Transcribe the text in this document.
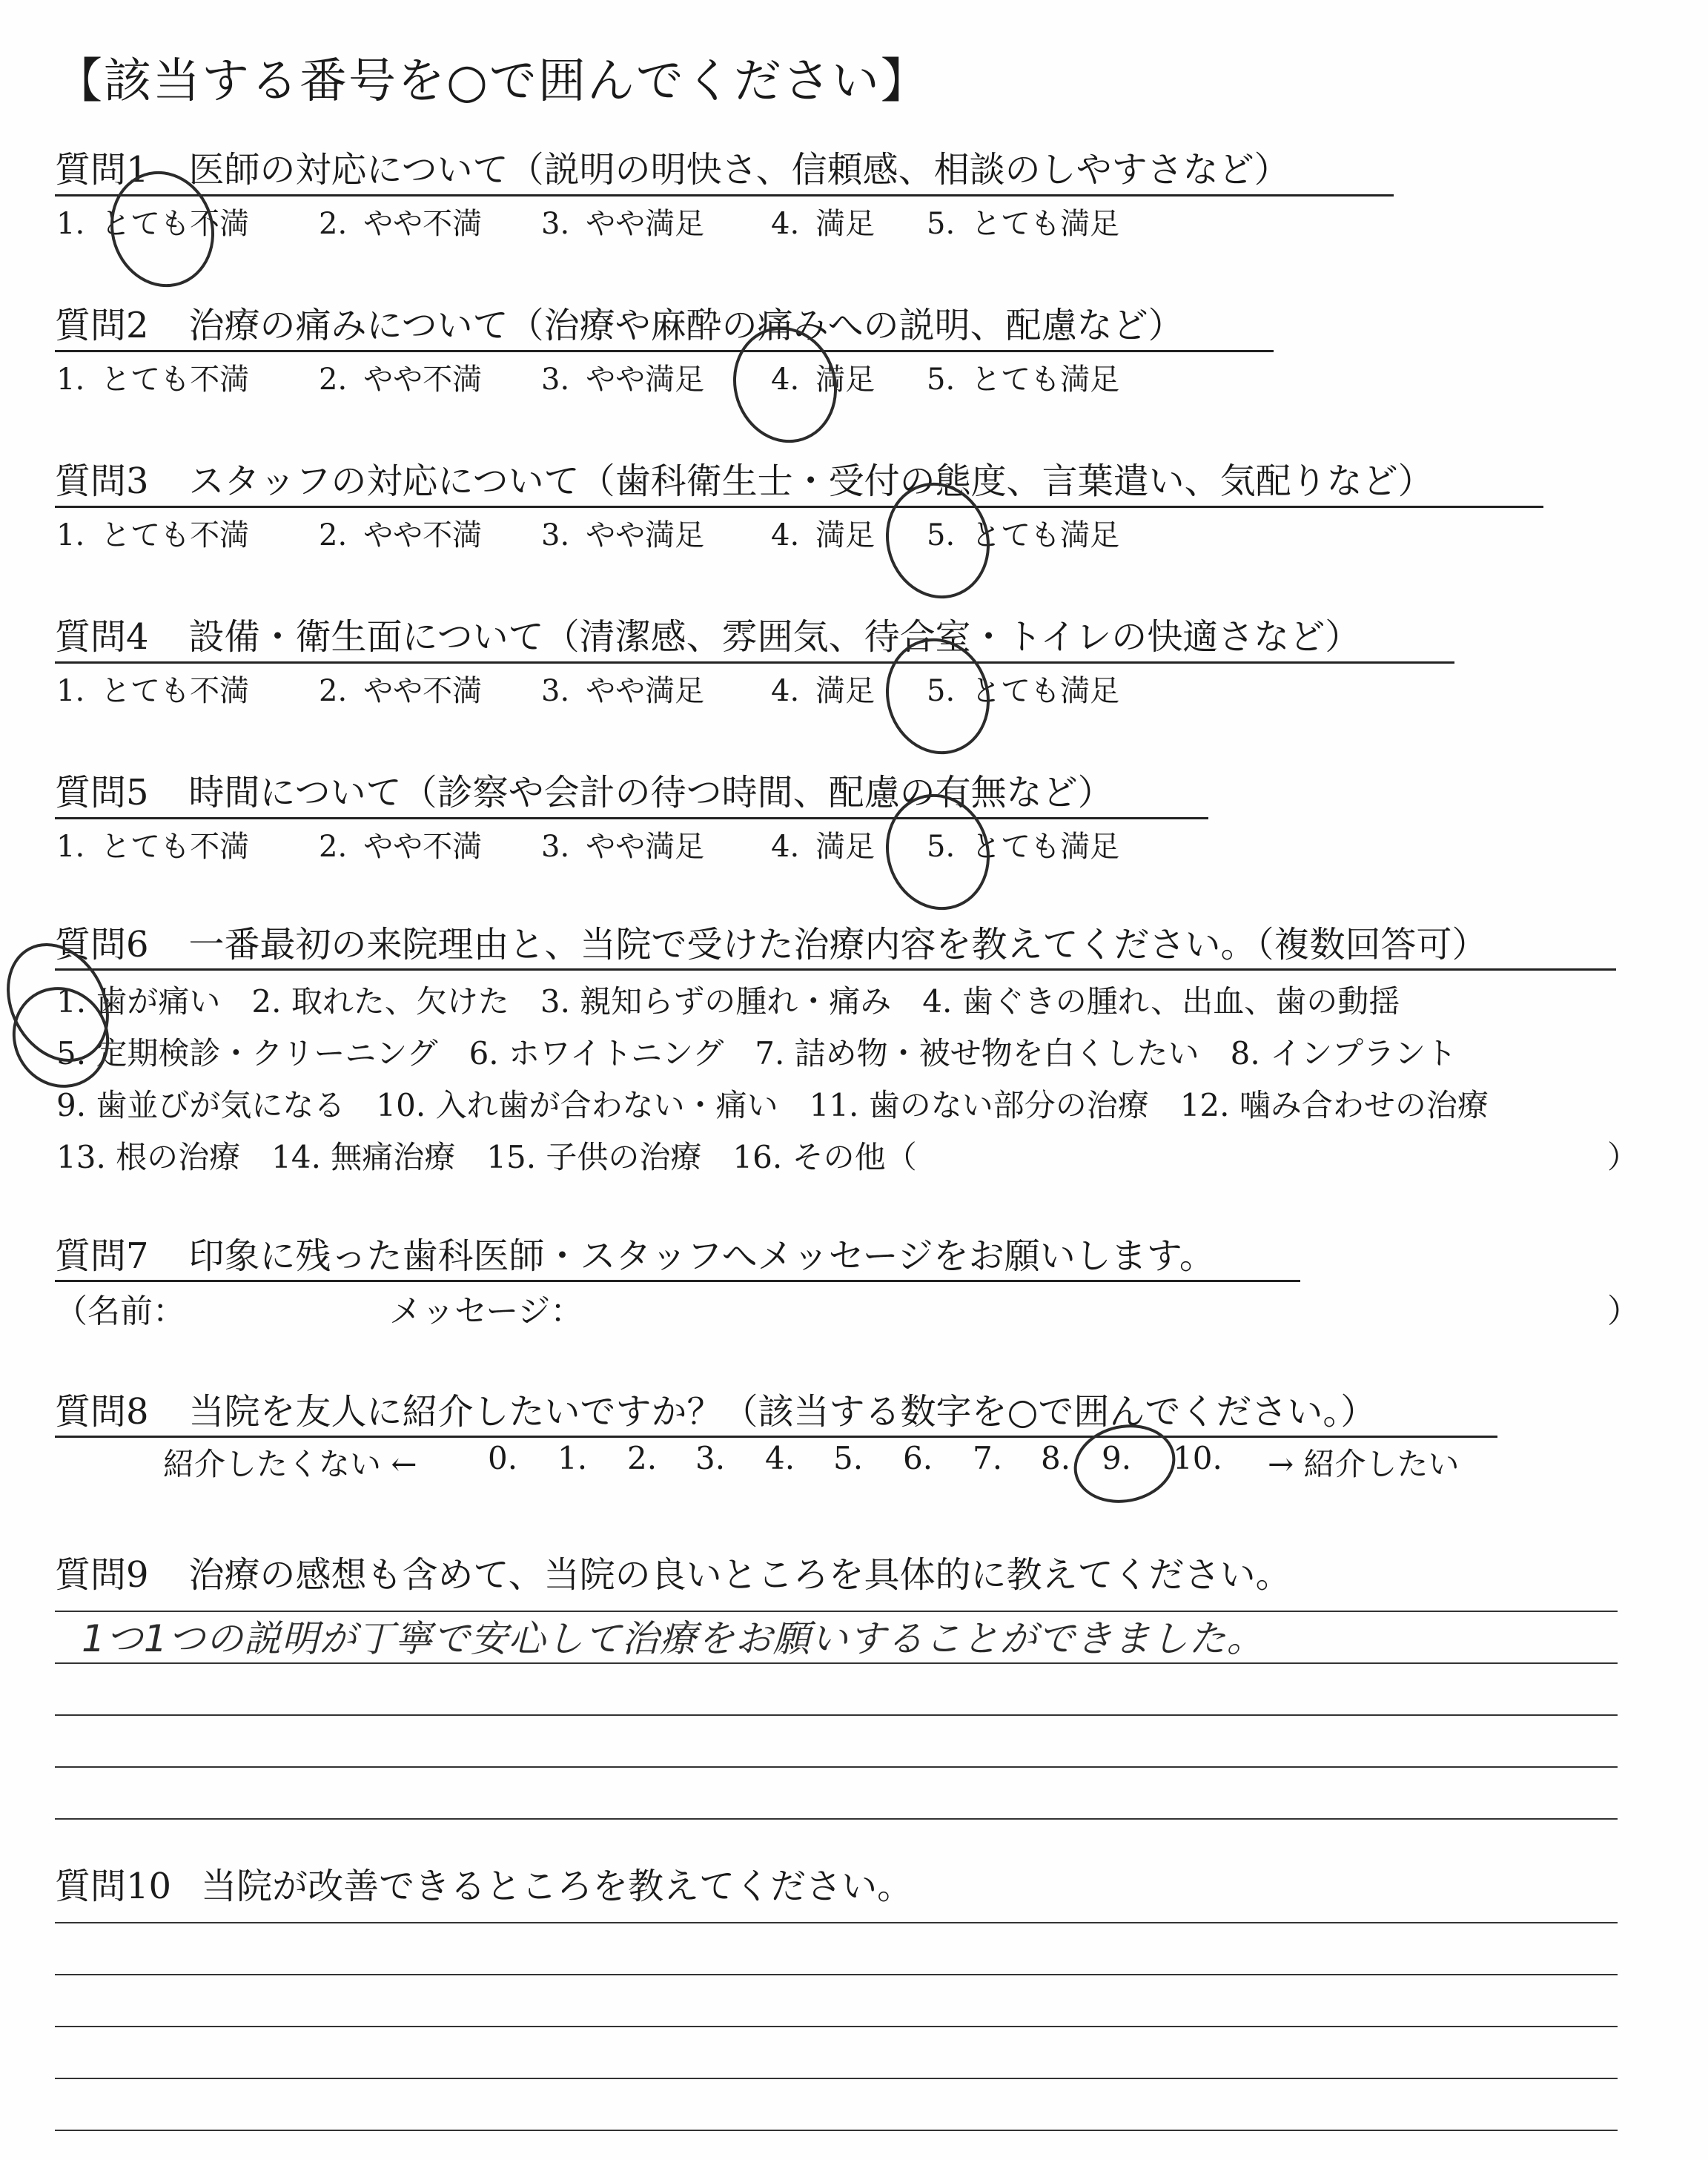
【該当する番号を○で囲んでください】
質問1 医師の対応について（説明の明快さ、信頼感、相談のしやすさなど）
1. とても不満 2. やや不満 3. やや満足 4. 満足 5. とても満足
質問2 治療の痛みについて（治療や麻酔の痛みへの説明、配慮など）
1. とても不満 2. やや不満 3. やや満足 4. 満足 5. とても満足
質問3 スタッフの対応について（歯科衛生士・受付の態度、言葉遣い、気配りなど）
1. とても不満 2. やや不満 3. やや満足 4. 満足 5. とても満足
質問4 設備・衛生面について（清潔感、雰囲気、待合室・トイレの快適さなど）
1. とても不満 2. やや不満 3. やや満足 4. 満足 5. とても満足
質問5 時間について（診察や会計の待つ時間、配慮の有無など）
1. とても不満 2. やや不満 3. やや満足 4. 満足 5. とても満足
質問6 一番最初の来院理由と、当院で受けた治療内容を教えてください。（複数回答可）
1. 歯が痛い　2. 取れた、欠けた　3. 親知らずの腫れ・痛み　4. 歯ぐきの腫れ、出血、歯の動揺
5. 定期検診・クリーニング　6. ホワイトニング　7. 詰め物・被せ物を白くしたい　8. インプラント
9. 歯並びが気になる　10. 入れ歯が合わない・痛い　11. 歯のない部分の治療　12. 噛み合わせの治療
13. 根の治療　14. 無痛治療　15. 子供の治療　16. その他（	）
質問7 印象に残った歯科医師・スタッフへメッセージをお願いします。
（名前：	メッセージ：	）
質問8 当院を友人に紹介したいですか？（該当する数字を○で囲んでください。）
紹介したくない ← 0. 1. 2. 3. 4. 5. 6. 7. 8. 9. 10. → 紹介したい
質問9 治療の感想も含めて、当院の良いところを具体的に教えてください。
1つ1つの説明が丁寧で安心して治療をお願いすることができました。
質問10 当院が改善できるところを教えてください。
